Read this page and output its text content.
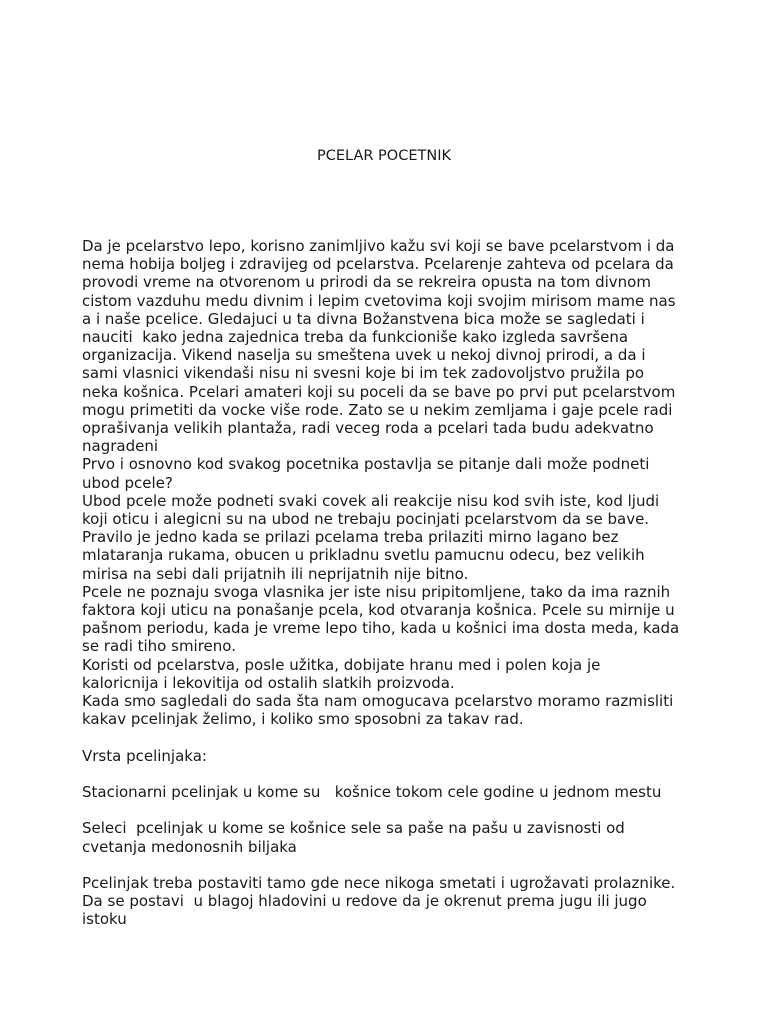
PCELAR POCETNIK

Da je pcelarstvo lepo, korisno zanimljivo kažu svi koji se bave pcelarstvom i da
nema hobija boljeg i zdravijeg od pcelarstva. Pcelarenje zahteva od pcelara da
provodi vreme na otvorenom u prirodi da se rekreira opusta na tom divnom
cistom vazduhu medu divnim i lepim cvetovima koji svojim mirisom mame nas
a i naše pcelice. Gledajuci u ta divna Božanstvena bica može se sagledati i
nauciti  kako jedna zajednica treba da funkcioniše kako izgleda savršena
organizacija. Vikend naselja su smeštena uvek u nekoj divnoj prirodi, a da i
sami vlasnici vikendaši nisu ni svesni koje bi im tek zadovoljstvo pružila po
neka košnica. Pcelari amateri koji su poceli da se bave po prvi put pcelarstvom
mogu primetiti da vocke više rode. Zato se u nekim zemljama i gaje pcele radi
oprašivanja velikih plantaža, radi veceg roda a pcelari tada budu adekvatno
nagradeni

Prvo i osnovno kod svakog pocetnika postavlja se pitanje dali može podneti
ubod pcele?

Ubod pcele može podneti svaki covek ali reakcije nisu kod svih iste, kod ljudi
koji oticu i alegicni su na ubod ne trebaju pocinjati pcelarstvom da se bave.

Pravilo je jedno kada se prilazi pcelama treba prilaziti mirno lagano bez
mlataranja rukama, obucen u prikladnu svetlu pamucnu odecu, bez velikih
mirisa na sebi dali prijatnih ili neprijatnih nije bitno.

Pcele ne poznaju svoga vlasnika jer iste nisu pripitomljene, tako da ima raznih
faktora koji uticu na ponašanje pcela, kod otvaranja košnica. Pcele su mirnije u
pašnom periodu, kada je vreme lepo tiho, kada u košnici ima dosta meda, kada
se radi tiho smireno.

Koristi od pcelarstva, posle užitka, dobijate hranu med i polen koja je
kaloricnija i lekovitija od ostalih slatkih proizvoda.

Kada smo sagledali do sada šta nam omogucava pcelarstvo moramo razmisliti
kakav pcelinjak želimo, i koliko smo sposobni za takav rad.

Vrsta pcelinjaka:

Stacionarni pcelinjak u kome su   košnice tokom cele godine u jednom mestu

Seleci  pcelinjak u kome se košnice sele sa paše na pašu u zavisnosti od
cvetanja medonosnih biljaka

Pcelinjak treba postaviti tamo gde nece nikoga smetati i ugrožavati prolaznike.

Da se postavi  u blagoj hladovini u redove da je okrenut prema jugu ili jugo
istoku
